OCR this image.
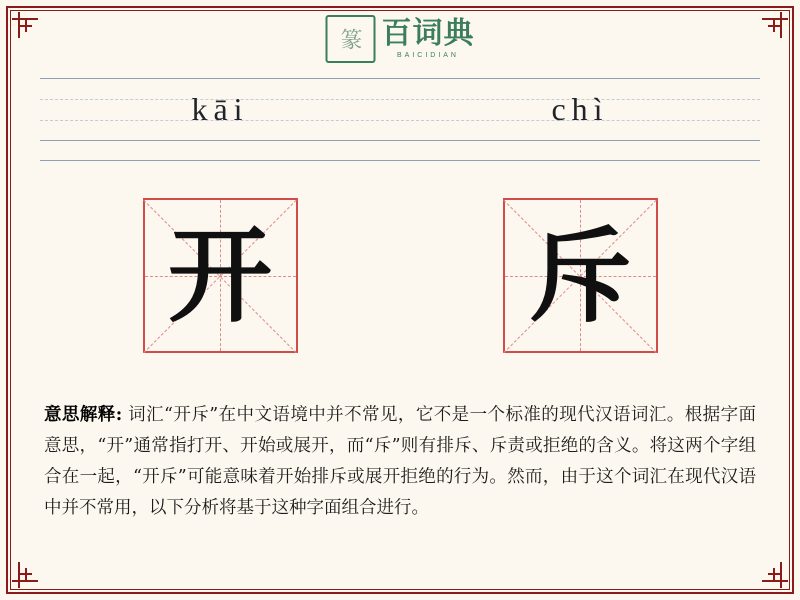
篆 百词典
BAICIDIAN
kāi	chì
开 斥
意思解释: 词汇“开斥”在中文语境中并不常见，它不是一个标准的现代汉语词汇。根据字面意思，“开”通常指打开、开始或展开，而“斥”则有排斥、斥责或拒绝的含义。将这两个字组合在一起，“开斥”可能意味着开始排斥或展开拒绝的行为。然而，由于这个词汇在现代汉语中并不常用，以下分析将基于这种字面组合进行。
